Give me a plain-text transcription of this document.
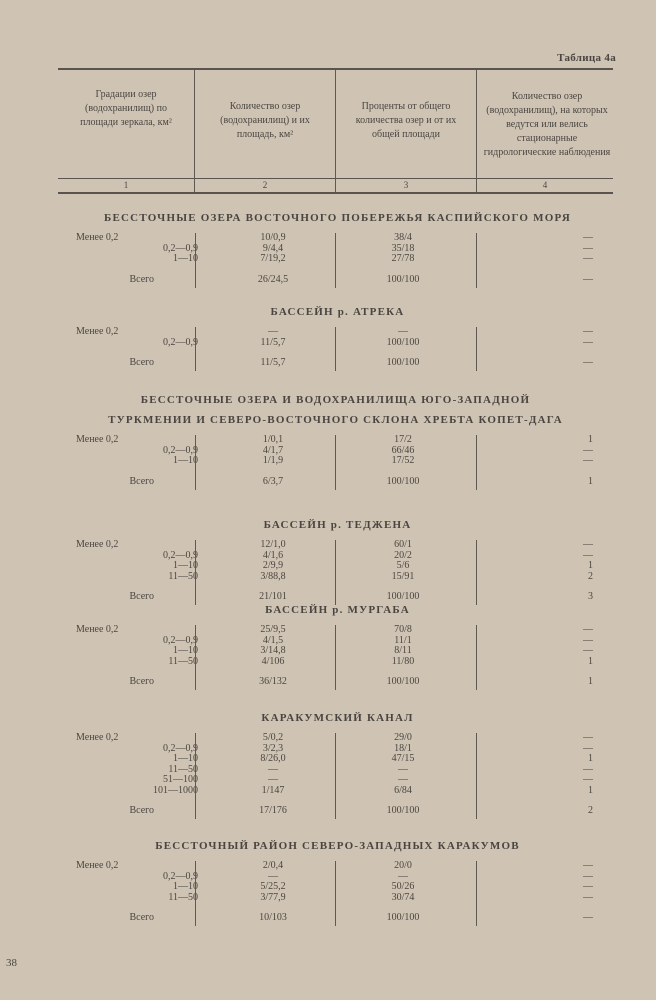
Таблица 4а
Градации озер (водохранилищ) по площади зеркала, км²
1
Количество озер (водохранилищ) и их площадь, км²
2
Проценты от общего количества озер и от их общей площади
3
Количество озер (водохранилищ), на которых ведутся или велись стационарные гидрологические наблюдения
4
БЕССТОЧНЫЕ ОЗЕРА ВОСТОЧНОГО ПОБЕРЕЖЬЯ КАСПИЙСКОГО МОРЯ
Менее 0,2	10/0,9	38/4	—
0,2—0,9	9/4,4	35/18	—
1—10	7/19,2	27/78	—
Всего	26/24,5	100/100	—
БАССЕЙН р. АТРЕКА
Менее 0,2	—	—	—
0,2—0,9	11/5,7	100/100	—
Всего	11/5,7	100/100	—
БЕССТОЧНЫЕ ОЗЕРА И ВОДОХРАНИЛИЩА ЮГО-ЗАПАДНОЙ ТУРКМЕНИИ И СЕВЕРО-ВОСТОЧНОГО СКЛОНА ХРЕБТА КОПЕТ-ДАГА
Менее 0,2	1/0,1	17/2	1
0,2—0,9	4/1,7	66/46	—
1—10	1/1,9	17/52	—
Всего	6/3,7	100/100	1
БАССЕЙН р. ТЕДЖЕНА
Менее 0,2	12/1,0	60/1	—
0,2—0,9	4/1,6	20/2	—
1—10	2/9,9	5/6	1
11—50	3/88,8	15/91	2
Всего	21/101	100/100	3
БАССЕЙН р. МУРГАБА
Менее 0,2	25/9,5	70/8	—
0,2—0,9	4/1,5	11/1	—
1—10	3/14,8	8/11	—
11—50	4/106	11/80	1
Всего	36/132	100/100	1
КАРАКУМСКИЙ КАНАЛ
Менее 0,2	5/0,2	29/0	—
0,2—0,9	3/2,3	18/1	—
1—10	8/26,0	47/15	1
11—50	—	—	—
51—100	—	—	—
101—1000	1/147	6/84	1
Всего	17/176	100/100	2
БЕССТОЧНЫЙ РАЙОН СЕВЕРО-ЗАПАДНЫХ КАРАКУМОВ
Менее 0,2	2/0,4	20/0	—
0,2—0,9	—	—	—
1—10	5/25,2	50/26	—
11—50	3/77,9	30/74	—
Всего	10/103	100/100	—
38
